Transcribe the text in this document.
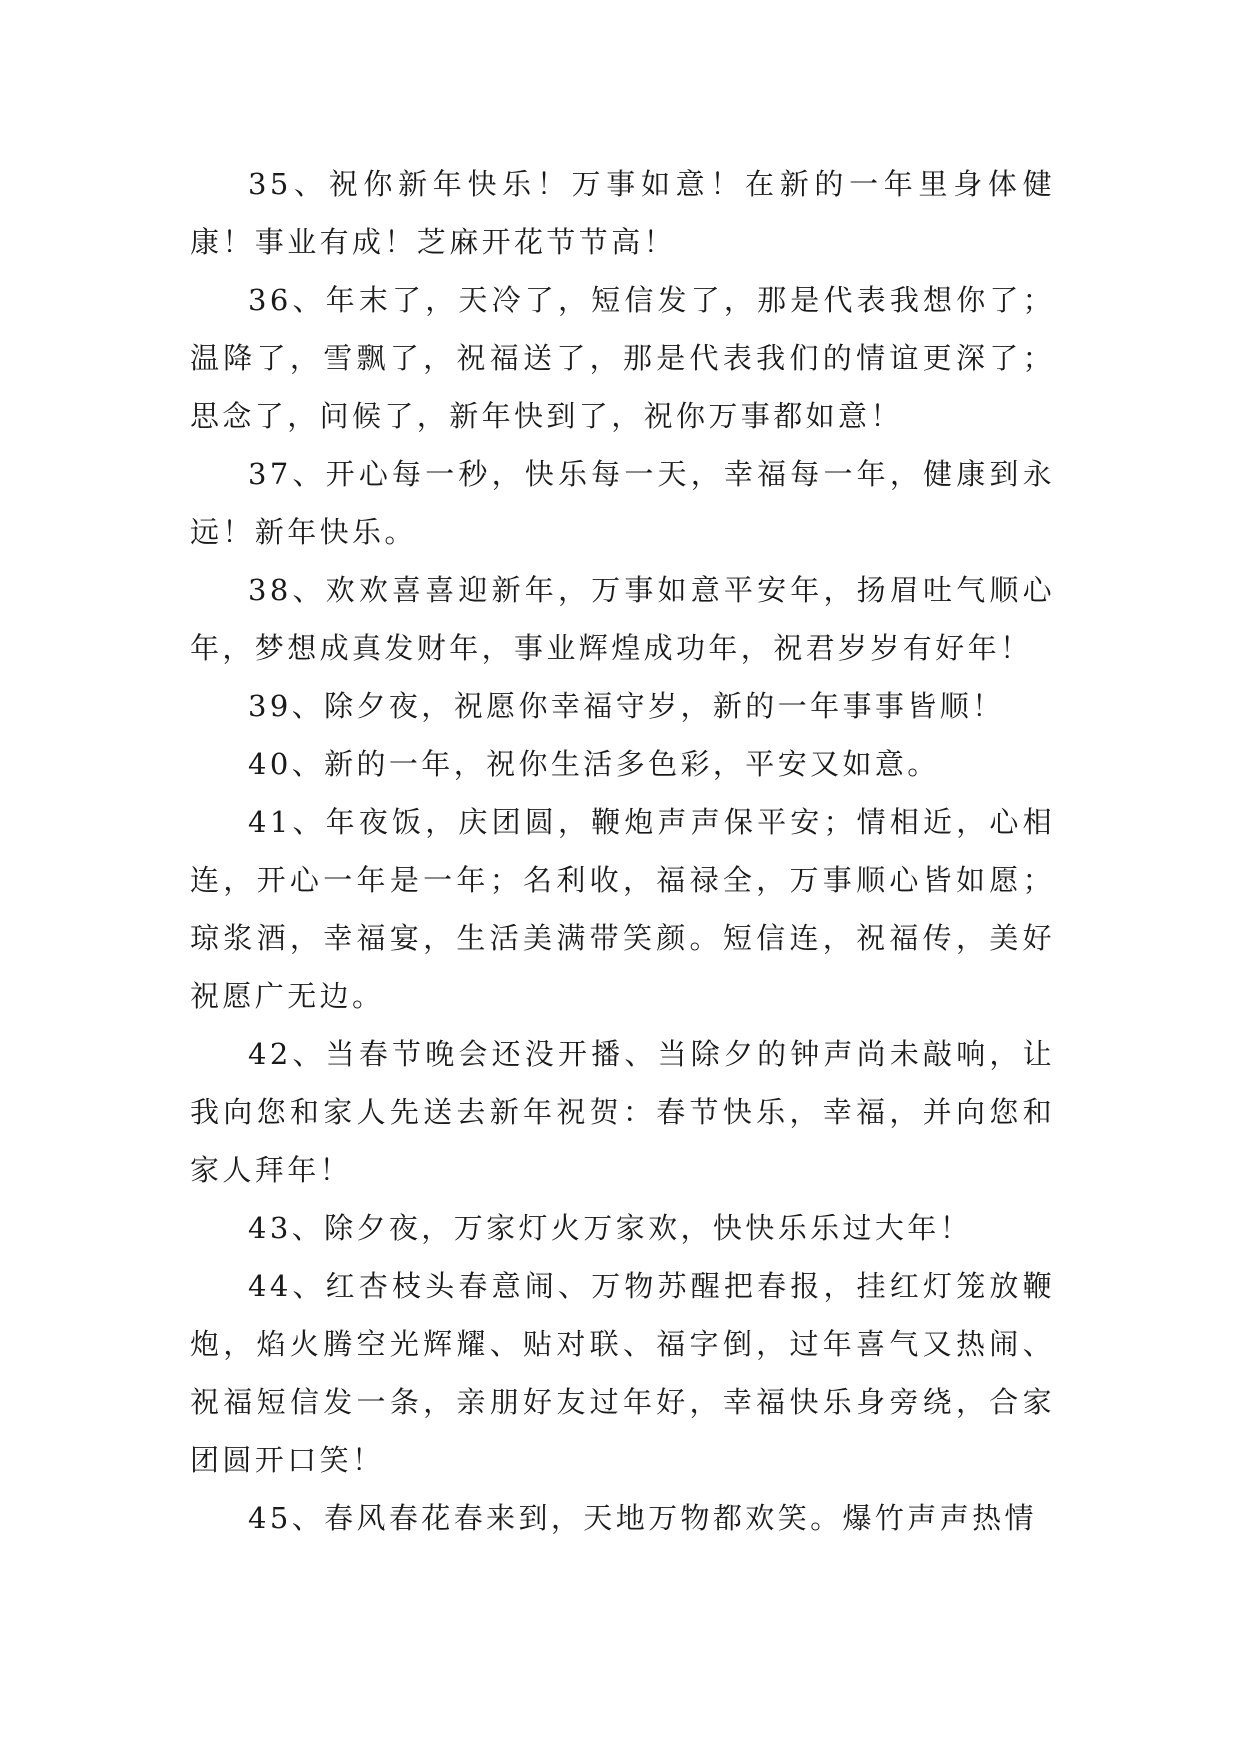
35、祝你新年快乐！万事如意！在新的一年里身体健康！事业有成！芝麻开花节节高！

36、年末了，天冷了，短信发了，那是代表我想你了；温降了，雪飘了，祝福送了，那是代表我们的情谊更深了；思念了，问候了，新年快到了，祝你万事都如意！

37、开心每一秒，快乐每一天，幸福每一年，健康到永远！新年快乐。

38、欢欢喜喜迎新年，万事如意平安年，扬眉吐气顺心年，梦想成真发财年，事业辉煌成功年，祝君岁岁有好年！

39、除夕夜，祝愿你幸福守岁，新的一年事事皆顺！

40、新的一年，祝你生活多色彩，平安又如意。

41、年夜饭，庆团圆，鞭炮声声保平安；情相近，心相连，开心一年是一年；名利收，福禄全，万事顺心皆如愿；琼浆酒，幸福宴，生活美满带笑颜。短信连，祝福传，美好祝愿广无边。

42、当春节晚会还没开播、当除夕的钟声尚未敲响，让我向您和家人先送去新年祝贺：春节快乐，幸福，并向您和家人拜年！

43、除夕夜，万家灯火万家欢，快快乐乐过大年！

44、红杏枝头春意闹、万物苏醒把春报，挂红灯笼放鞭炮，焰火腾空光辉耀、贴对联、福字倒，过年喜气又热闹、祝福短信发一条，亲朋好友过年好，幸福快乐身旁绕，合家团圆开口笑！

45、春风春花春来到，天地万物都欢笑。爆竹声声热情
